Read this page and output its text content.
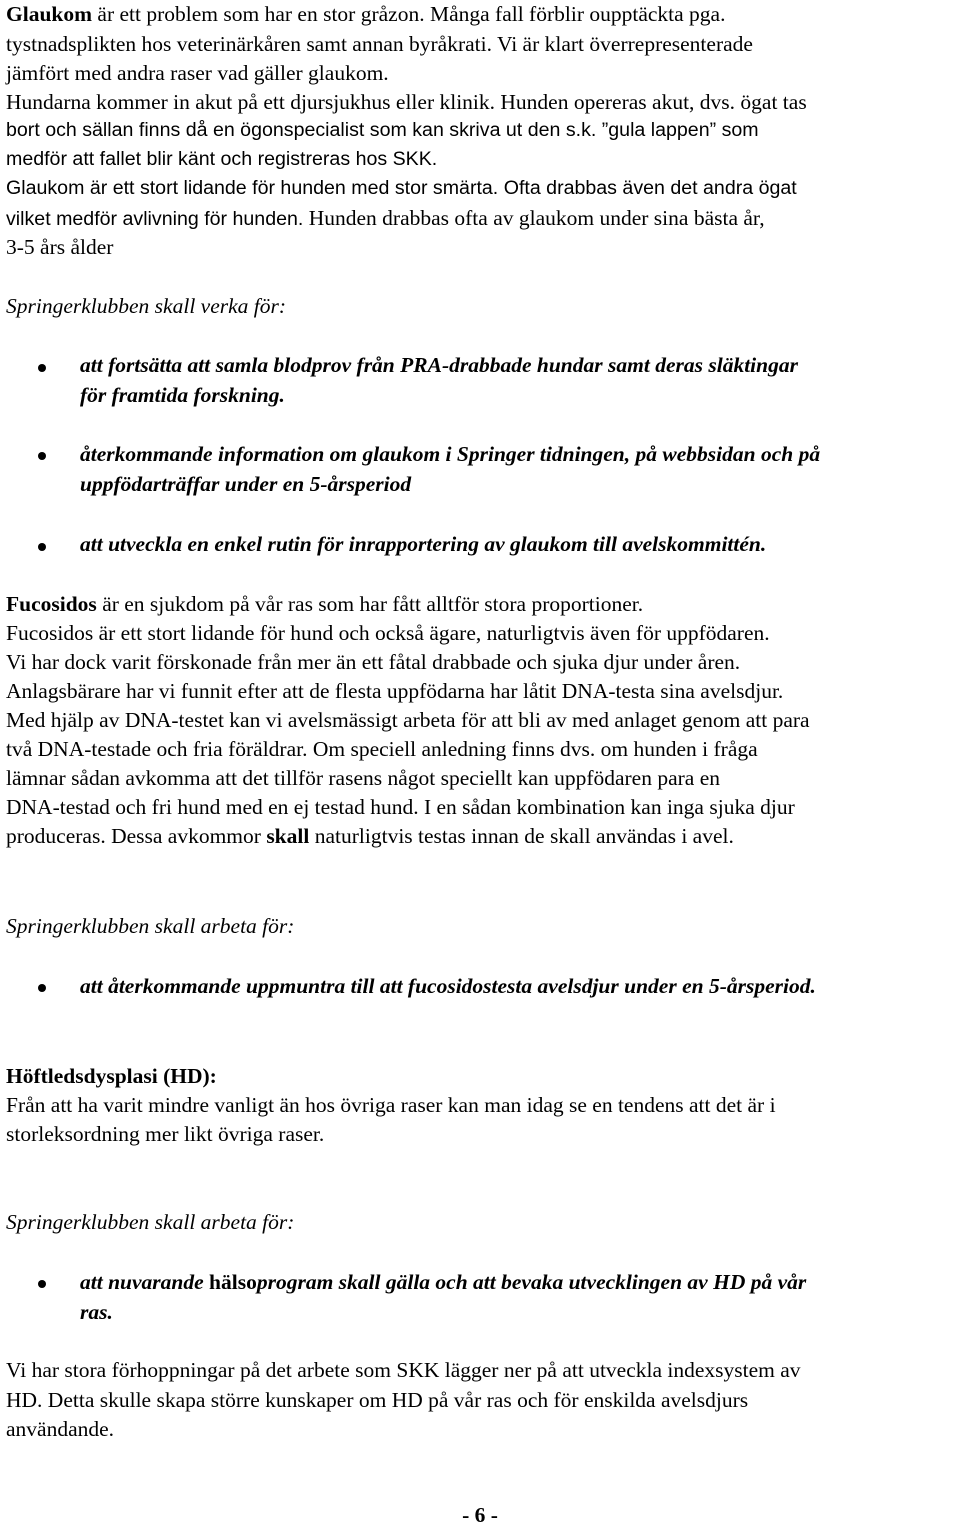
Glaukom är ett problem som har en stor gråzon. Många fall förblir oupptäckta pga.
tystnadsplikten hos veterinärkåren samt annan byråkrati. Vi är klart överrepresenterade
jämfört med andra raser vad gäller glaukom.
Hundarna kommer in akut på ett djursjukhus eller klinik. Hunden opereras akut, dvs. ögat tas
bort och sällan finns då en ögonspecialist som kan skriva ut den s.k. ”gula lappen” som
medför att fallet blir känt och registreras hos SKK.
Glaukom är ett stort lidande för hunden med stor smärta. Ofta drabbas även det andra ögat
vilket medför avlivning för hunden. Hunden drabbas ofta av glaukom under sina bästa år,
3-5 års ålder
Springerklubben skall verka för:
att fortsätta att samla blodprov från PRA-drabbade hundar samt deras släktingar
för framtida forskning.
återkommande information om glaukom i Springer tidningen, på webbsidan och på
uppfödarträffar under en 5-årsperiod
att utveckla en enkel rutin för inrapportering av glaukom till avelskommittén.
Fucosidos är en sjukdom på vår ras som har fått alltför stora proportioner.
Fucosidos är ett stort lidande för hund och också ägare, naturligtvis även för uppfödaren.
Vi har dock varit förskonade från mer än ett fåtal drabbade och sjuka djur under åren.
Anlagsbärare har vi funnit efter att de flesta uppfödarna har låtit DNA-testa sina avelsdjur.
Med hjälp av DNA-testet kan vi avelsmässigt arbeta för att bli av med anlaget genom att para
två DNA-testade och fria föräldrar. Om speciell anledning finns dvs. om hunden i fråga
lämnar sådan avkomma att det tillför rasens något speciellt kan uppfödaren para en
DNA-testad och fri hund med en ej testad hund. I en sådan kombination kan inga sjuka djur
produceras. Dessa avkommor skall naturligtvis testas innan de skall användas i avel.
Springerklubben skall arbeta för:
att återkommande uppmuntra till att fucosidostesta avelsdjur under en 5-årsperiod.
Höftledsdysplasi (HD):
Från att ha varit mindre vanligt än hos övriga raser kan man idag se en tendens att det är i
storleksordning mer likt övriga raser.
Springerklubben skall arbeta för:
att nuvarande hälsoprogram skall gälla och att bevaka utvecklingen av HD på vår
ras.
Vi har stora förhoppningar på det arbete som SKK lägger ner på att utveckla indexsystem av
HD. Detta skulle skapa större kunskaper om HD på vår ras och för enskilda avelsdjurs
användande.
- 6 -
